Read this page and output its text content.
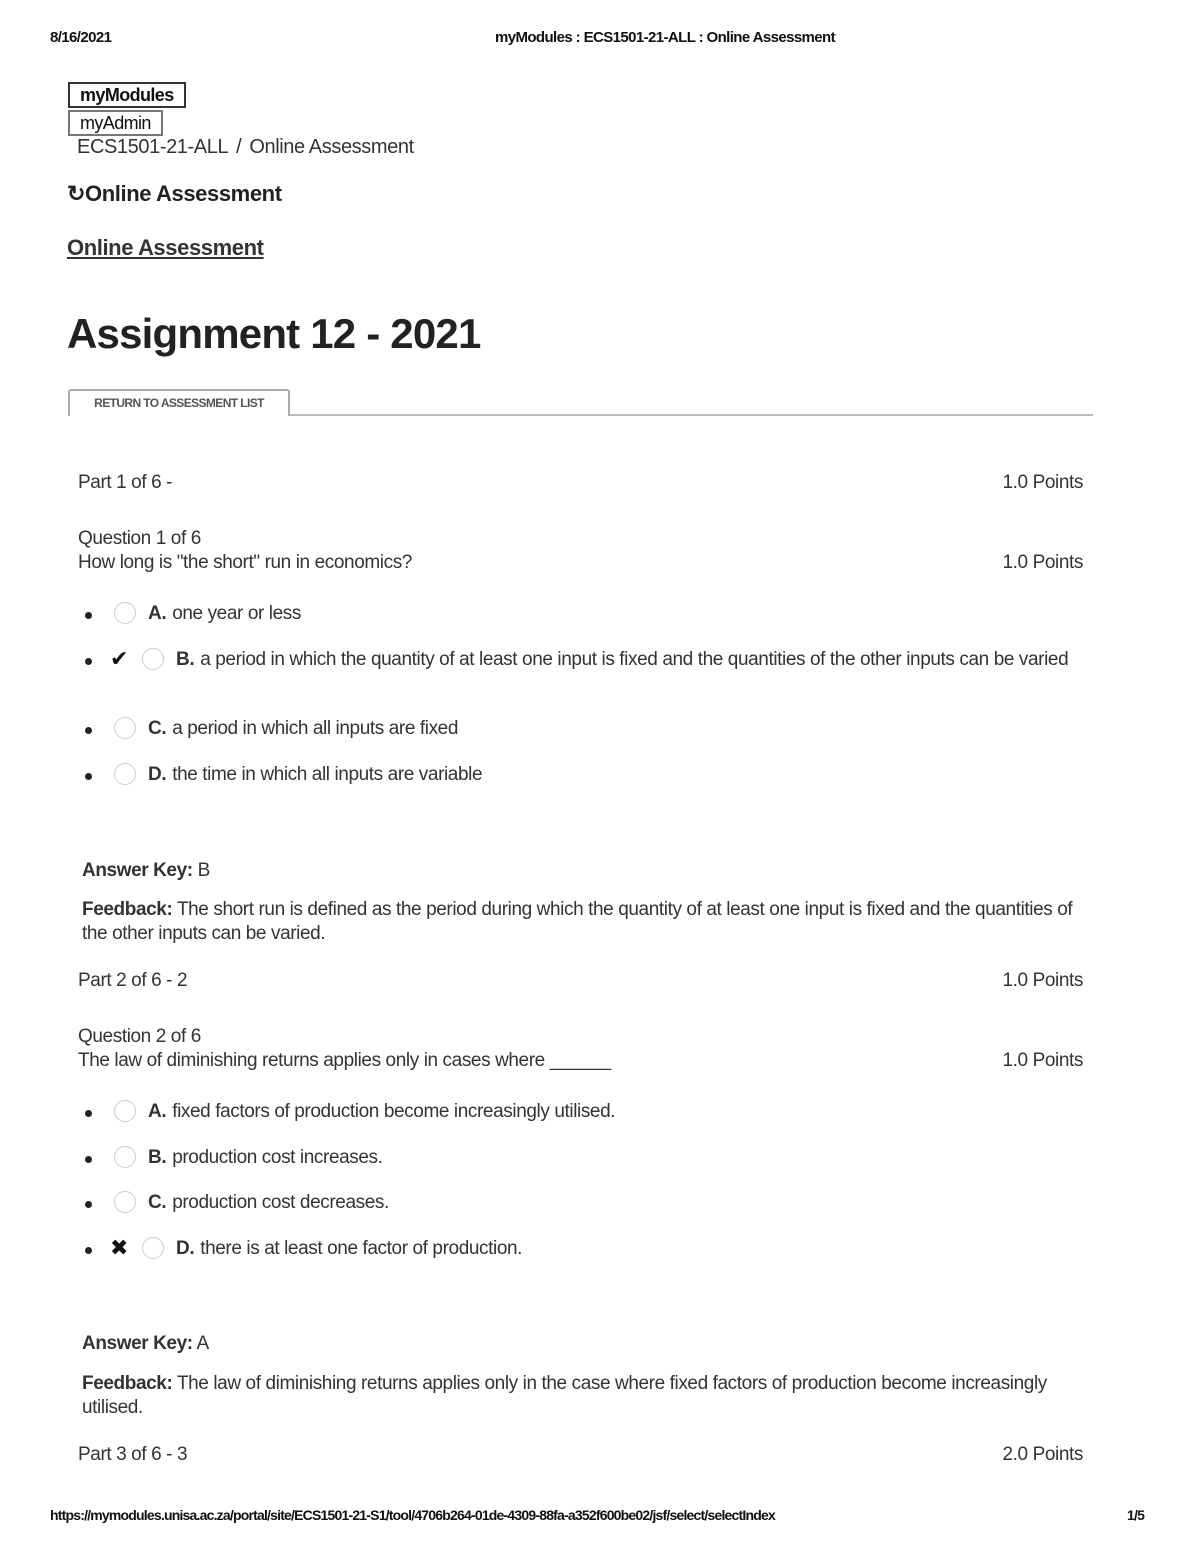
8/16/2021	myModules : ECS1501-21-ALL : Online Assessment
https://mymodules.unisa.ac.za/portal/site/ECS1501-21-S1/tool/4706b264-01de-4309-88fa-a352f600be02/jsf/select/selectIndex	1/5
myModules
myAdmin
ECS1501-21-ALL / Online Assessment
↻Online Assessment
Online Assessment
Assignment 12 - 2021
RETURN TO ASSESSMENT LIST
Part 1 of 6 -	1.0 Points
Question 1 of 6
How long is "the short" run in economics?	1.0 Points
A. one year or less
✔	B. a period in which the quantity of at least one input is fixed and the quantities of the other inputs can be varied
C. a period in which all inputs are fixed
D. the time in which all inputs are variable
Answer Key: B
Feedback: The short run is defined as the period during which the quantity of at least one input is fixed and the quantities of the other inputs can be varied.
Part 2 of 6 - 2	1.0 Points
Question 2 of 6
The law of diminishing returns applies only in cases where ______	1.0 Points
A. fixed factors of production become increasingly utilised.
B. production cost increases.
C. production cost decreases.
✖	D. there is at least one factor of production.
Answer Key: A
Feedback: The law of diminishing returns applies only in the case where fixed factors of production become increasingly utilised.
Part 3 of 6 - 3	2.0 Points
